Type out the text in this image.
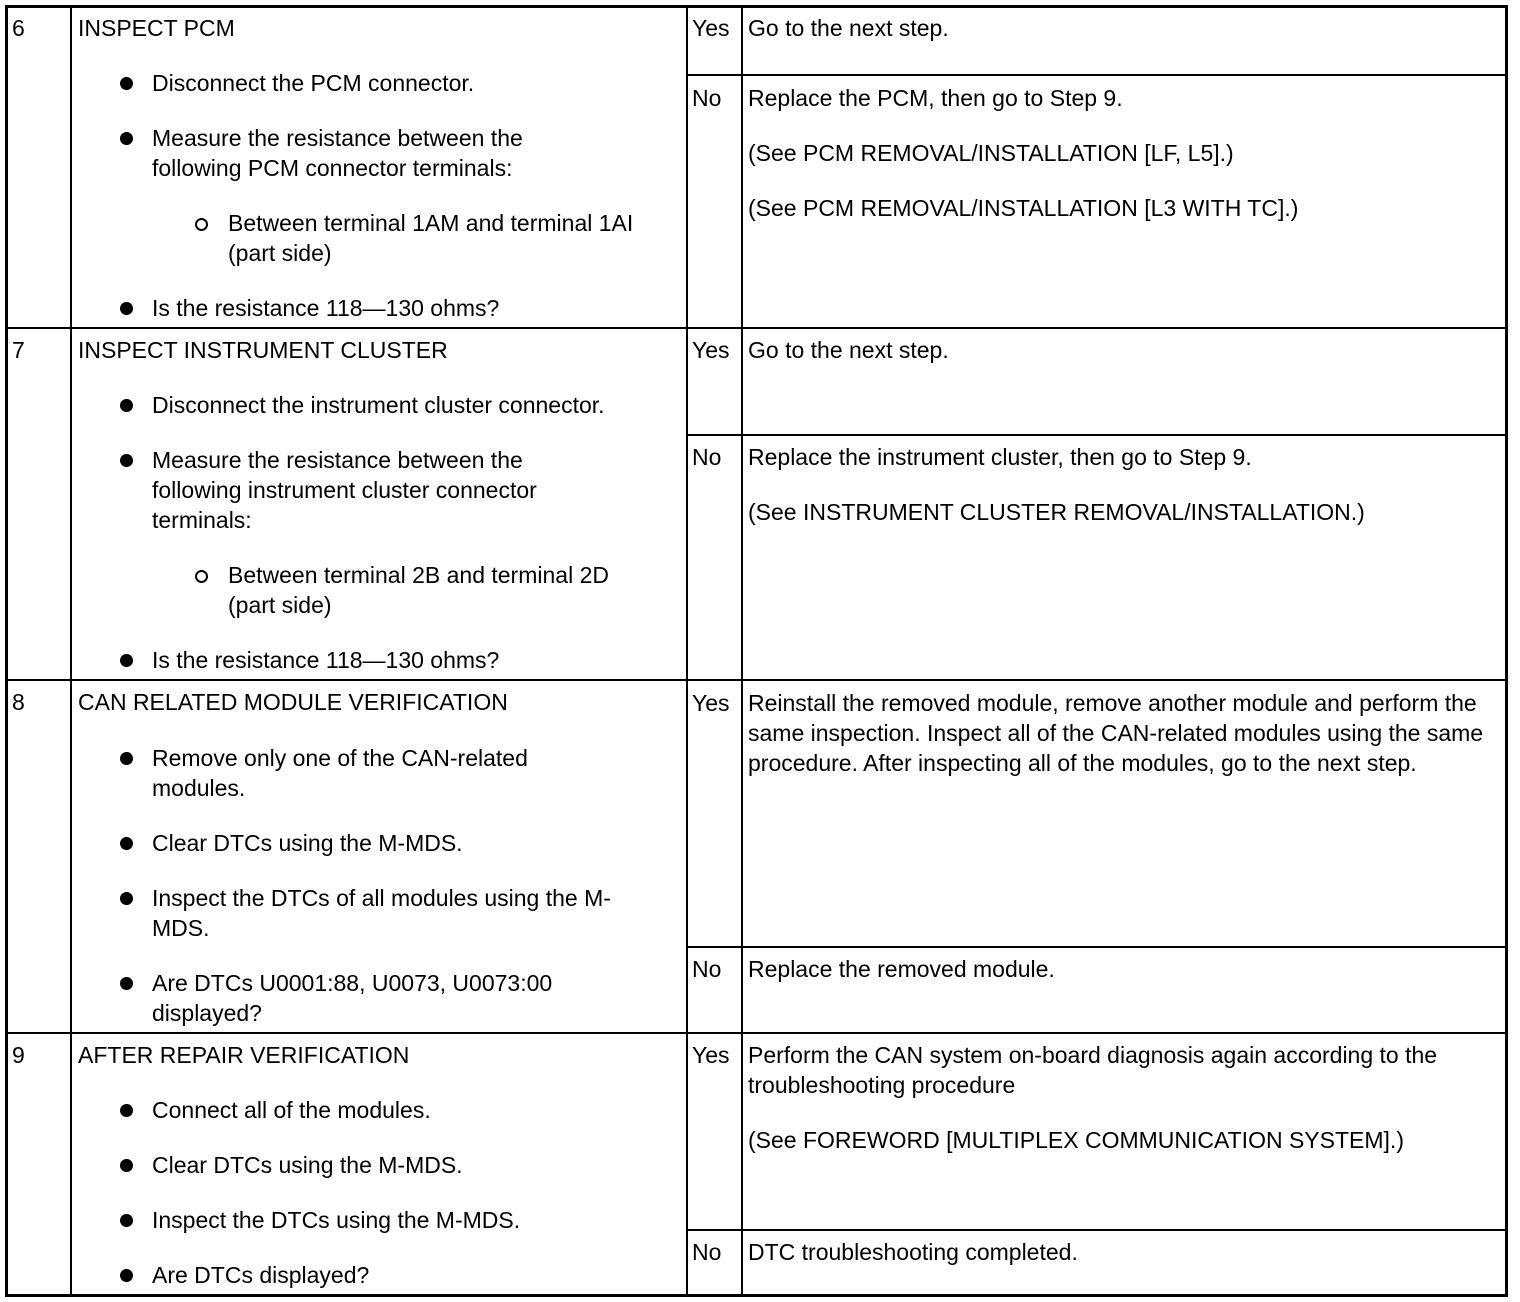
6 INSPECT PCM
Disconnect the PCM connector.
Measure the resistance between the following PCM connector terminals:
Between terminal 1AM and terminal 1AI (part side)
Is the resistance 118—130 ohms?
Yes Go to the next step.
No Replace the PCM, then go to Step 9.
(See PCM REMOVAL/INSTALLATION [LF, L5].)
(See PCM REMOVAL/INSTALLATION [L3 WITH TC].)
7 INSPECT INSTRUMENT CLUSTER
Disconnect the instrument cluster connector.
Measure the resistance between the following instrument cluster connector terminals:
Between terminal 2B and terminal 2D (part side)
Is the resistance 118—130 ohms?
Yes Go to the next step.
No Replace the instrument cluster, then go to Step 9.
(See INSTRUMENT CLUSTER REMOVAL/INSTALLATION.)
8 CAN RELATED MODULE VERIFICATION
Remove only one of the CAN-related modules.
Clear DTCs using the M-MDS.
Inspect the DTCs of all modules using the M-MDS.
Are DTCs U0001:88, U0073, U0073:00 displayed?
Yes Reinstall the removed module, remove another module and perform the same inspection. Inspect all of the CAN-related modules using the same procedure. After inspecting all of the modules, go to the next step.
No Replace the removed module.
9 AFTER REPAIR VERIFICATION
Connect all of the modules.
Clear DTCs using the M-MDS.
Inspect the DTCs using the M-MDS.
Are DTCs displayed?
Yes Perform the CAN system on-board diagnosis again according to the troubleshooting procedure
(See FOREWORD [MULTIPLEX COMMUNICATION SYSTEM].)
No DTC troubleshooting completed.
